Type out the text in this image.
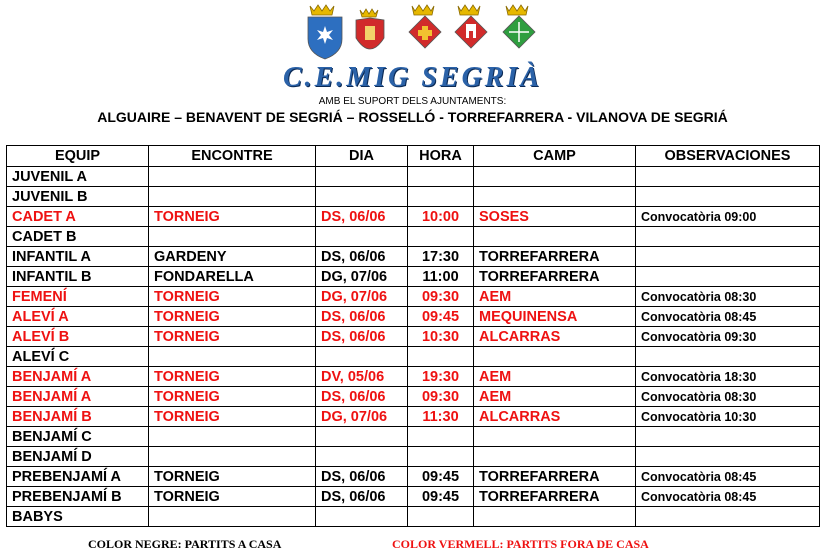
C.E.MIG SEGRIÀ
AMB EL SUPORT DELS AJUNTAMENTS:
ALGUAIRE – BENAVENT DE SEGRIÁ – ROSSELLÓ - TORREFARRERA - VILANOVA DE SEGRIÁ
EQUIP	ENCONTRE	DIA	HORA	CAMP	OBSERVACIONES
JUVENIL A					
JUVENIL B					
CADET A	TORNEIG	DS, 06/06	10:00	SOSES	Convocatòria 09:00
CADET B					
INFANTIL A	GARDENY	DS, 06/06	17:30	TORREFARRERA	
INFANTIL B	FONDARELLA	DG, 07/06	11:00	TORREFARRERA	
FEMENÍ	TORNEIG	DG, 07/06	09:30	AEM	Convocatòria 08:30
ALEVÍ A	TORNEIG	DS, 06/06	09:45	MEQUINENSA	Convocatòria 08:45
ALEVÍ B	TORNEIG	DS, 06/06	10:30	ALCARRAS	Convocatòria 09:30
ALEVÍ C					
BENJAMÍ A	TORNEIG	DV, 05/06	19:30	AEM	Convocatòria 18:30
BENJAMÍ A	TORNEIG	DS, 06/06	09:30	AEM	Convocatòria 08:30
BENJAMÍ B	TORNEIG	DG, 07/06	11:30	ALCARRAS	Convocatòria 10:30
BENJAMÍ C					
BENJAMÍ D					
PREBENJAMÍ A	TORNEIG	DS, 06/06	09:45	TORREFARRERA	Convocatòria 08:45
PREBENJAMÍ B	TORNEIG	DS, 06/06	09:45	TORREFARRERA	Convocatòria 08:45
BABYS					
COLOR NEGRE: PARTITS A CASA	COLOR VERMELL: PARTITS FORA DE CASA
